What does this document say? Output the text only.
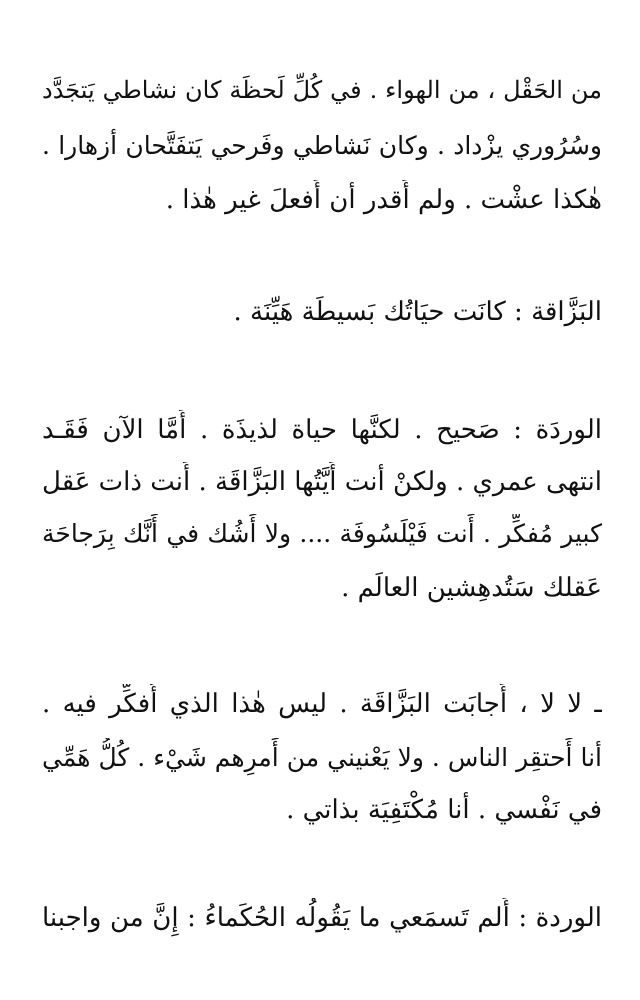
من الحَقْل ، من الهواء . في كُلِّ لَحظَة كان نشاطي يَتجَدَّد
وسُرُوري يزْداد . وكان نَشاطي وفَرحي يَتفَتَّحان أزهارا .
هٰكذا عشْت . ولم أَقدر أن أَفعلَ غير هٰذا .
البَزَّاقة : كانَت حيَاتُك بَسيطَة هَيِّنَة .
الوردَة : صَحيح . لكنَّها حياة لذيذَة . أَمَّا الآن فَقَـد
انتهى عمري . ولكنْ أنت أَيَّتُها البَزَّاقَة . أَنت ذات عَقل
كبير مُفكِّر . أَنت فَيْلَسُوفَة .... ولا أَشُك في أَنَّك بِرَجاحَة
عَقلك سَتُدهِشين العالَم .
ـ لا لا ، أَجابَت البَزَّاقَة . ليس هٰذا الذي أُفكِّر فيه .
أنا أَحتقِر الناس . ولا يَعْنيني من أَمرِهم شَيْء . كُلُّ هَمِّي
في نَفْسي . أنا مُكْتَفِيَة بذاتي .
الوردة : أَلم تَسمَعي ما يَقُولُه الحُكَماءُ : إِنَّ من واجبنا
